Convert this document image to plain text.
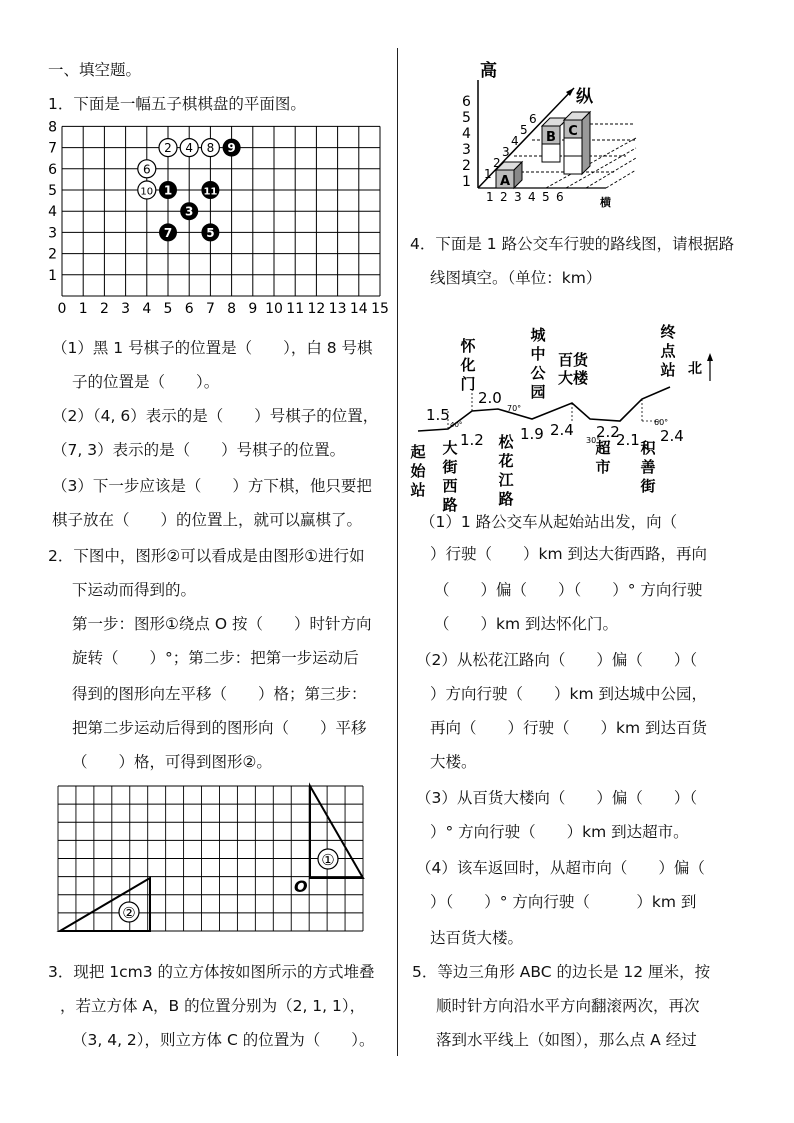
一、填空题。
1．下面是一幅五子棋棋盘的平面图。
0 1 2 3 4 5 6 7 8 9 10 11 12 13 14 15
1
2
3
4
5
6
7
8
9
1	11
3
7	5
2 4 8
6
10
（1）黑 1 号棋子的位置是（　　），白 8 号棋
子的位置是（　　）。
（2）（4, 6）表示的是（　　）号棋子的位置，
（7, 3）表示的是（　　）号棋子的位置。
（3）下一步应该是（　　）方下棋，他只要把
棋子放在（　　）的位置上，就可以赢棋了。
2．下图中，图形②可以看成是由图形①进行如
下运动而得到的。
第一步：图形①绕点 O 按（　　）时针方向
旋转（　　）°；第二步：把第一步运动后
得到的图形向左平移（　　）格；第三步：
把第二步运动后得到的图形向（　　）平移
（　　）格，可得到图形②。
①
②
O
3．现把 1cm3 的立方体按如图所示的方式堆叠
，若立方体 A，B 的位置分别为（2, 1, 1），
（3, 4, 2），则立方体 C 的位置为（　　）。
高
纵
横
A
B C
1
2
3
4
5
6
1
2
3
4
5
6
1 2 3 4 5 6
4．下面是 1 路公交车行驶的路线图，请根据路
线图填空。（单位：km）
北
40°
70°
30°
60°
1.5
1.2
2.0
1.9 2.4 2.2
2.1 2.4
起
始
站
大
街
西
路
怀
化
门
松
花
江
路
城
中
公
园
百货
大楼
超
市
积
善
街
终
点
站
（1）1 路公交车从起始站出发，向（
）行驶（　　）km 到达大街西路，再向
（　　）偏（　　）（　　）° 方向行驶
（　　）km 到达怀化门。
（2）从松花江路向（　　）偏（　　）（
）方向行驶（　　）km 到达城中公园，
再向（　　）行驶（　　）km 到达百货
大楼。
（3）从百货大楼向（　　）偏（　　）（
）° 方向行驶（　　）km 到达超市。
（4）该车返回时，从超市向（　　）偏（
）（　　）° 方向行驶（　　　）km 到
达百货大楼。
5．等边三角形 ABC 的边长是 12 厘米，按
顺时针方向沿水平方向翻滚两次，再次
落到水平线上（如图），那么点 A 经过
